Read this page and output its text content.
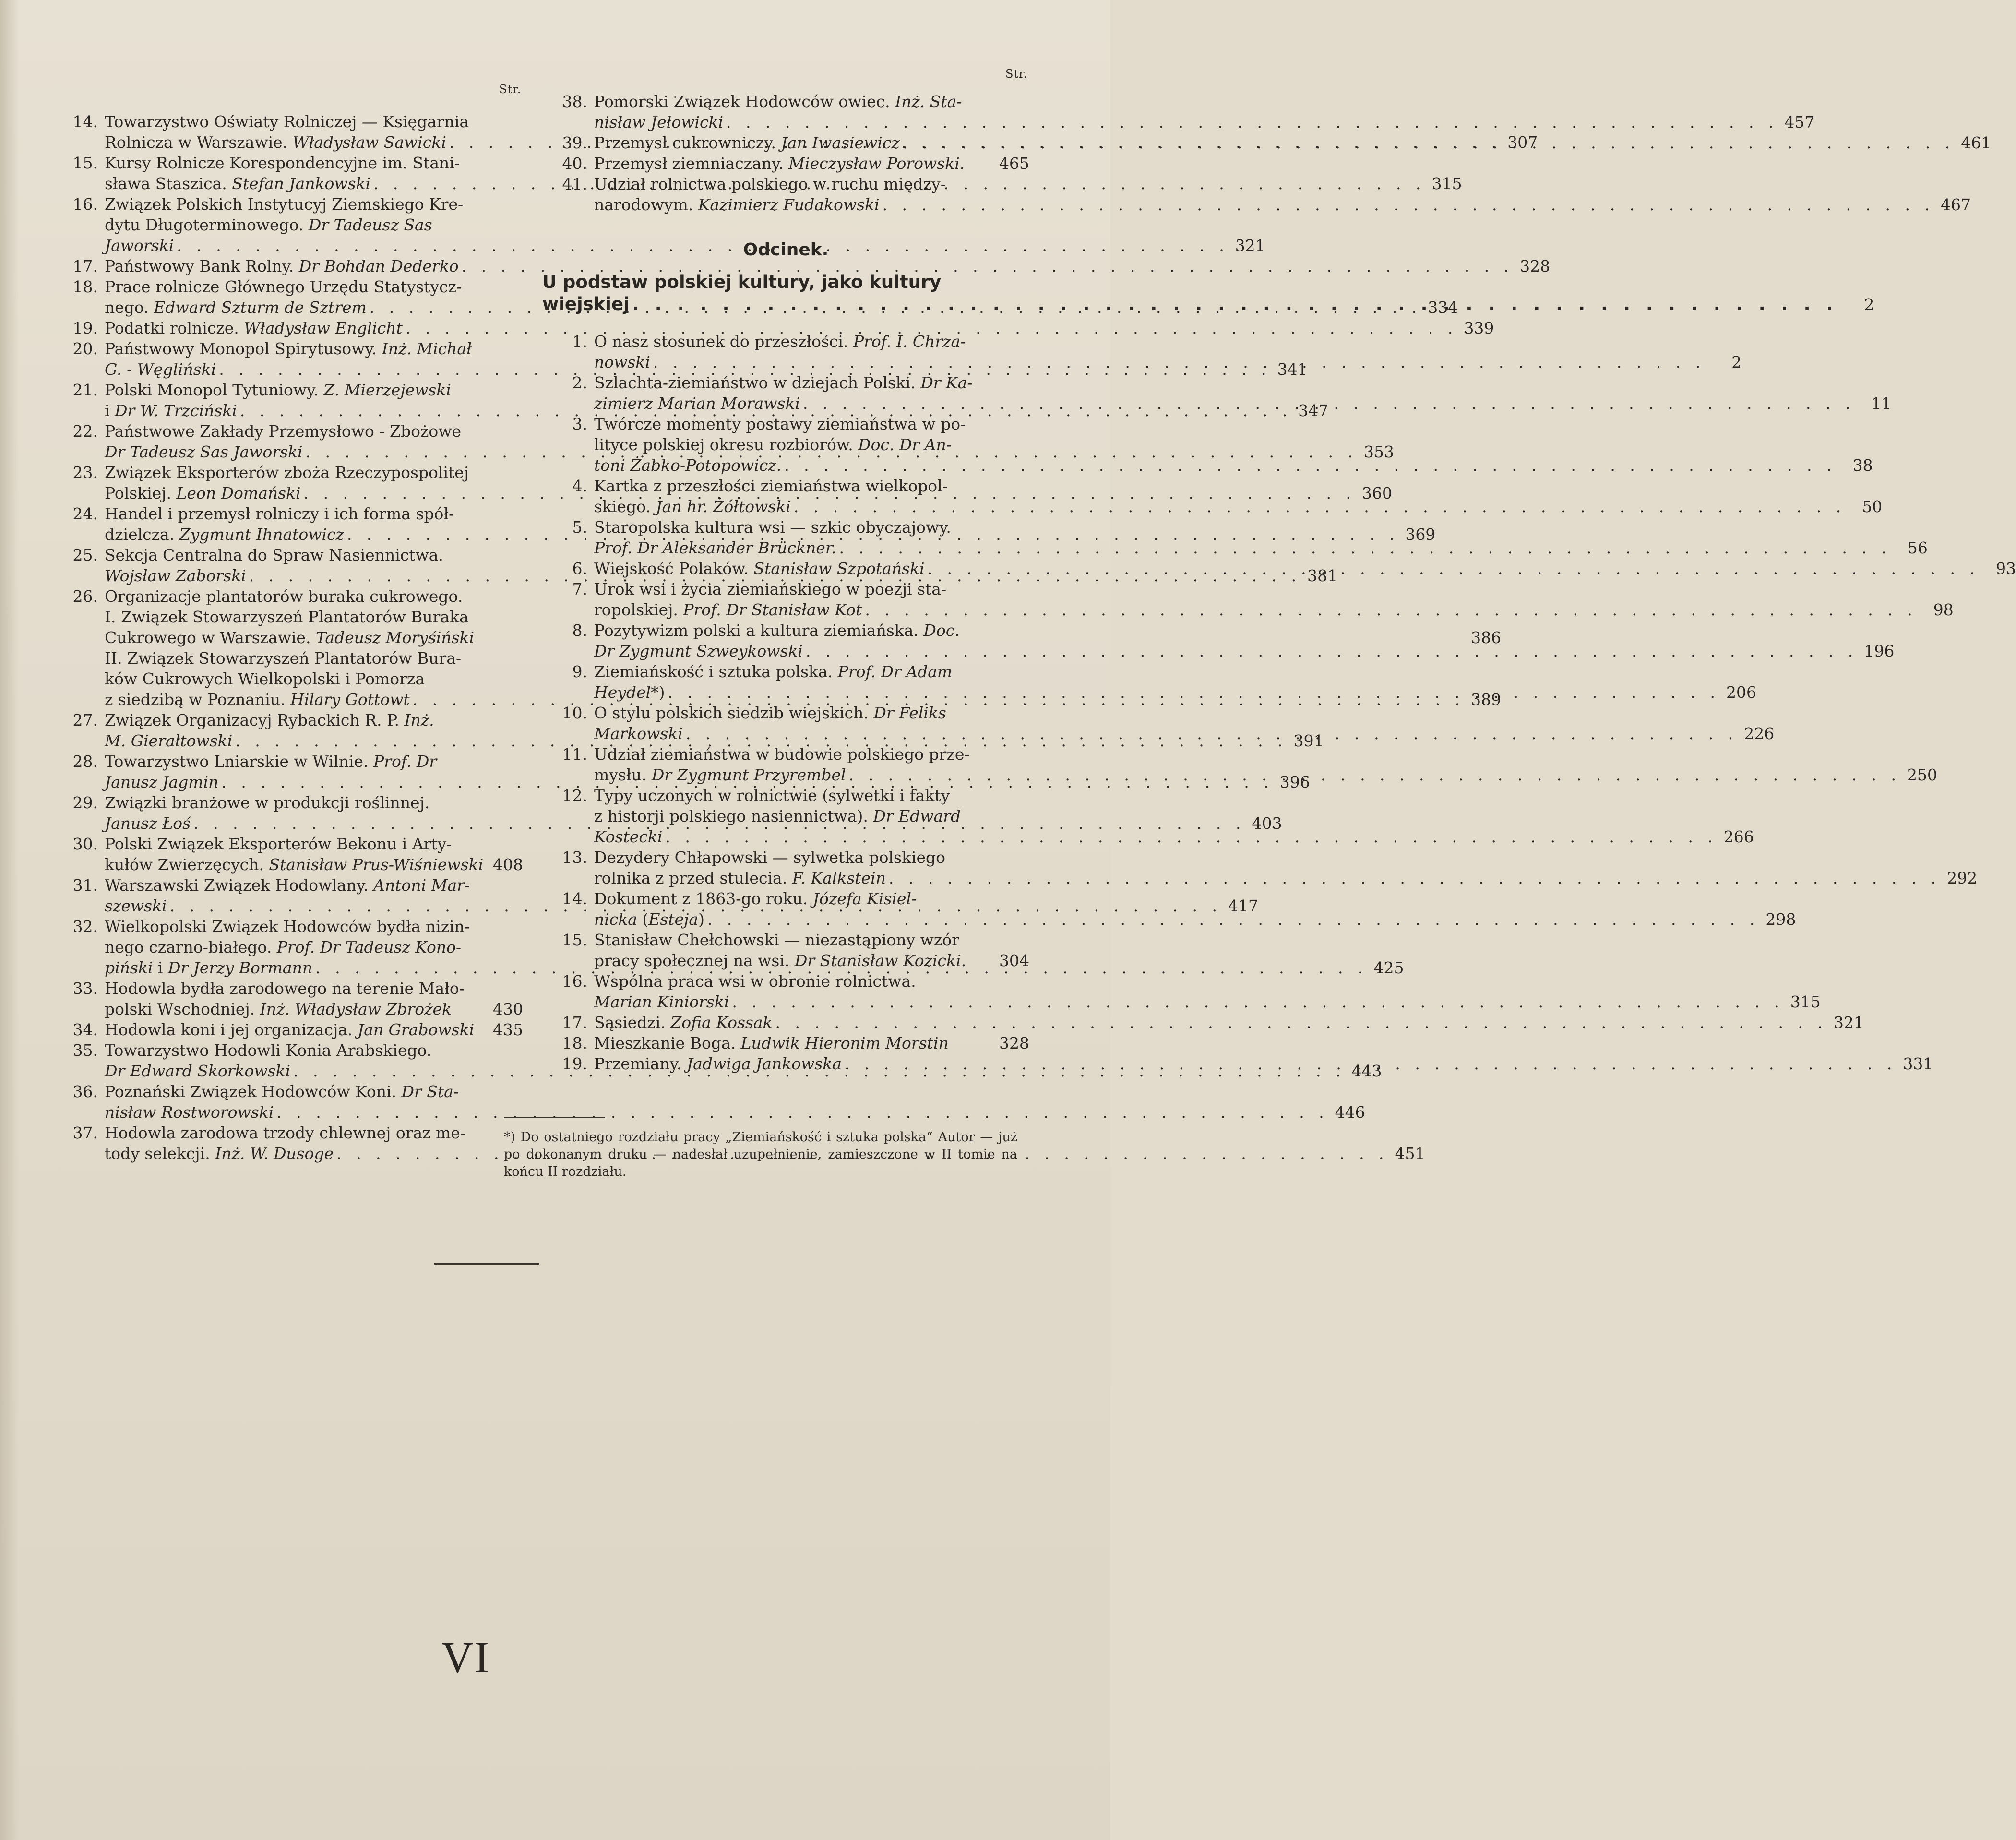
Str.
Str.
14. Towarzystwo Oświaty Rolniczej — Księgarnia
Rolnicza w Warszawie. Władysław Sawicki . . .	307
15. Kursy Rolnicze Korespondencyjne im. Stani-
sława Staszica. Stefan Jankowski . . .	315
16. Związek Polskich Instytucyj Ziemskiego Kre-
dytu Długoterminowego. Dr Tadeusz Sas
Jaworski . . .	321
17. Państwowy Bank Rolny. Dr Bohdan Dederko . . .	328
18. Prace rolnicze Głównego Urzędu Statystycz-
nego. Edward Szturm de Sztrem . . .	334
19. Podatki rolnicze. Władysław Englicht . . .	339
20. Państwowy Monopol Spirytusowy. Inż. Michał
G. - Węgliński . . .	341
21. Polski Monopol Tytuniowy. Z. Mierzejewski
i Dr W. Trzciński . . .	347
22. Państwowe Zakłady Przemysłowo - Zbożowe
Dr Tadeusz Sas Jaworski . . .	353
23. Związek Eksporterów zboża Rzeczypospolitej
Polskiej. Leon Domański . . .	360
24. Handel i przemysł rolniczy i ich forma spół-
dzielcza. Zygmunt Ihnatowicz . . .	369
25. Sekcja Centralna do Spraw Nasiennictwa.
Wojsław Zaborski . . .	381
26. Organizacje plantatorów buraka cukrowego.
I. Związek Stowarzyszeń Plantatorów Buraka
Cukrowego w Warszawie. Tadeusz Moryśiński	386
II. Związek Stowarzyszeń Plantatorów Bura-
ków Cukrowych Wielkopolski i Pomorza
z siedzibą w Poznaniu. Hilary Gottowt . . .	389
27. Związek Organizacyj Rybackich R. P. Inż.
M. Gierałtowski . . .	391
28. Towarzystwo Lniarskie w Wilnie. Prof. Dr
Janusz Jagmin . . .	396
29. Związki branżowe w produkcji roślinnej.
Janusz Łoś . . .	403
30. Polski Związek Eksporterów Bekonu i Arty-
kułów Zwierzęcych. Stanisław Prus-Wiśniewski 408
31. Warszawski Związek Hodowlany. Antoni Mar-
szewski . . .	417
32. Wielkopolski Związek Hodowców bydła nizin-
nego czarno-białego. Prof. Dr Tadeusz Kono-
piński i Dr Jerzy Bormann . . .	425
33. Hodowla bydła zarodowego na terenie Mało-
polski Wschodniej. Inż. Władysław Zbrożek	430
34. Hodowla koni i jej organizacja. Jan Grabowski 435
35. Towarzystwo Hodowli Konia Arabskiego.
Dr Edward Skorkowski . . .	443
36. Poznański Związek Hodowców Koni. Dr Sta-
nisław Rostworowski . . .	446
37. Hodowla zarodowa trzody chlewnej oraz me-
tody selekcji. Inż. W. Dusoge . . .	451
38. Pomorski Związek Hodowców owiec. Inż. Sta-
nisław Jełowicki . . .	457
39. Przemysł cukrowniczy. Jan Iwasiewicz . . .	461
40. Przemysł ziemniaczany. Mieczysław Porowski. 465
41. Udział rolnictwa polskiego w ruchu między-
narodowym. Kazimierz Fudakowski . . .	467
Odcinek.
U podstaw polskiej kultury, jako kultury
wiejskiej . . .	2
1. O nasz stosunek do przeszłości. Prof. I. Chrza-
nowski . . .	2
2. Szlachta-ziemiaństwo w dziejach Polski. Dr Ka-
zimierz Marian Morawski . . .	11
3. Twórcze momenty postawy ziemiaństwa w po-
lityce polskiej okresu rozbiorów. Doc. Dr An-
toni Żabko-Potopowicz. . . .	38
4. Kartka z przeszłości ziemiaństwa wielkopol-
skiego. Jan hr. Żółtowski . . .	50
5. Staropolska kultura wsi — szkic obyczajowy.
Prof. Dr Aleksander Brückner. . . .	56
6. Wiejskość Polaków. Stanisław Szpotański . . .	93
7. Urok wsi i życia ziemiańskiego w poezji sta-
ropolskiej. Prof. Dr Stanisław Kot . . .	98
8. Pozytywizm polski a kultura ziemiańska. Doc.
Dr Zygmunt Szweykowski . . .	196
9. Ziemiańskość i sztuka polska. Prof. Dr Adam
Heydel*) . . .	206
10. O stylu polskich siedzib wiejskich. Dr Feliks
Markowski . . .	226
11. Udział ziemiaństwa w budowie polskiego prze-
mysłu. Dr Zygmunt Przyrembel . . .	250
12. Typy uczonych w rolnictwie (sylwetki i fakty
z historji polskiego nasiennictwa). Dr Edward
Kostecki . . .	266
13. Dezydery Chłapowski — sylwetka polskiego
rolnika z przed stulecia. F. Kalkstein . . .	292
14. Dokument z 1863-go roku. Józefa Kisiel-
nicka (Esteja) . . .	298
15. Stanisław Chełchowski — niezastąpiony wzór
pracy społecznej na wsi. Dr Stanisław Kozicki. 304
16. Wspólna praca wsi w obronie rolnictwa.
Marian Kiniorski . . .	315
17. Sąsiedzi. Zofia Kossak . . .	321
18. Mieszkanie Boga. Ludwik Hieronim Morstin	328
19. Przemiany. Jadwiga Jankowska . . .	331
*) Do ostatniego rozdziału pracy „Ziemiańskość i sztuka polska“ Autor — już po dokonanym druku — nadesłał uzupełnienie, zamieszczone w II tomie na końcu II rozdziału.
VI
